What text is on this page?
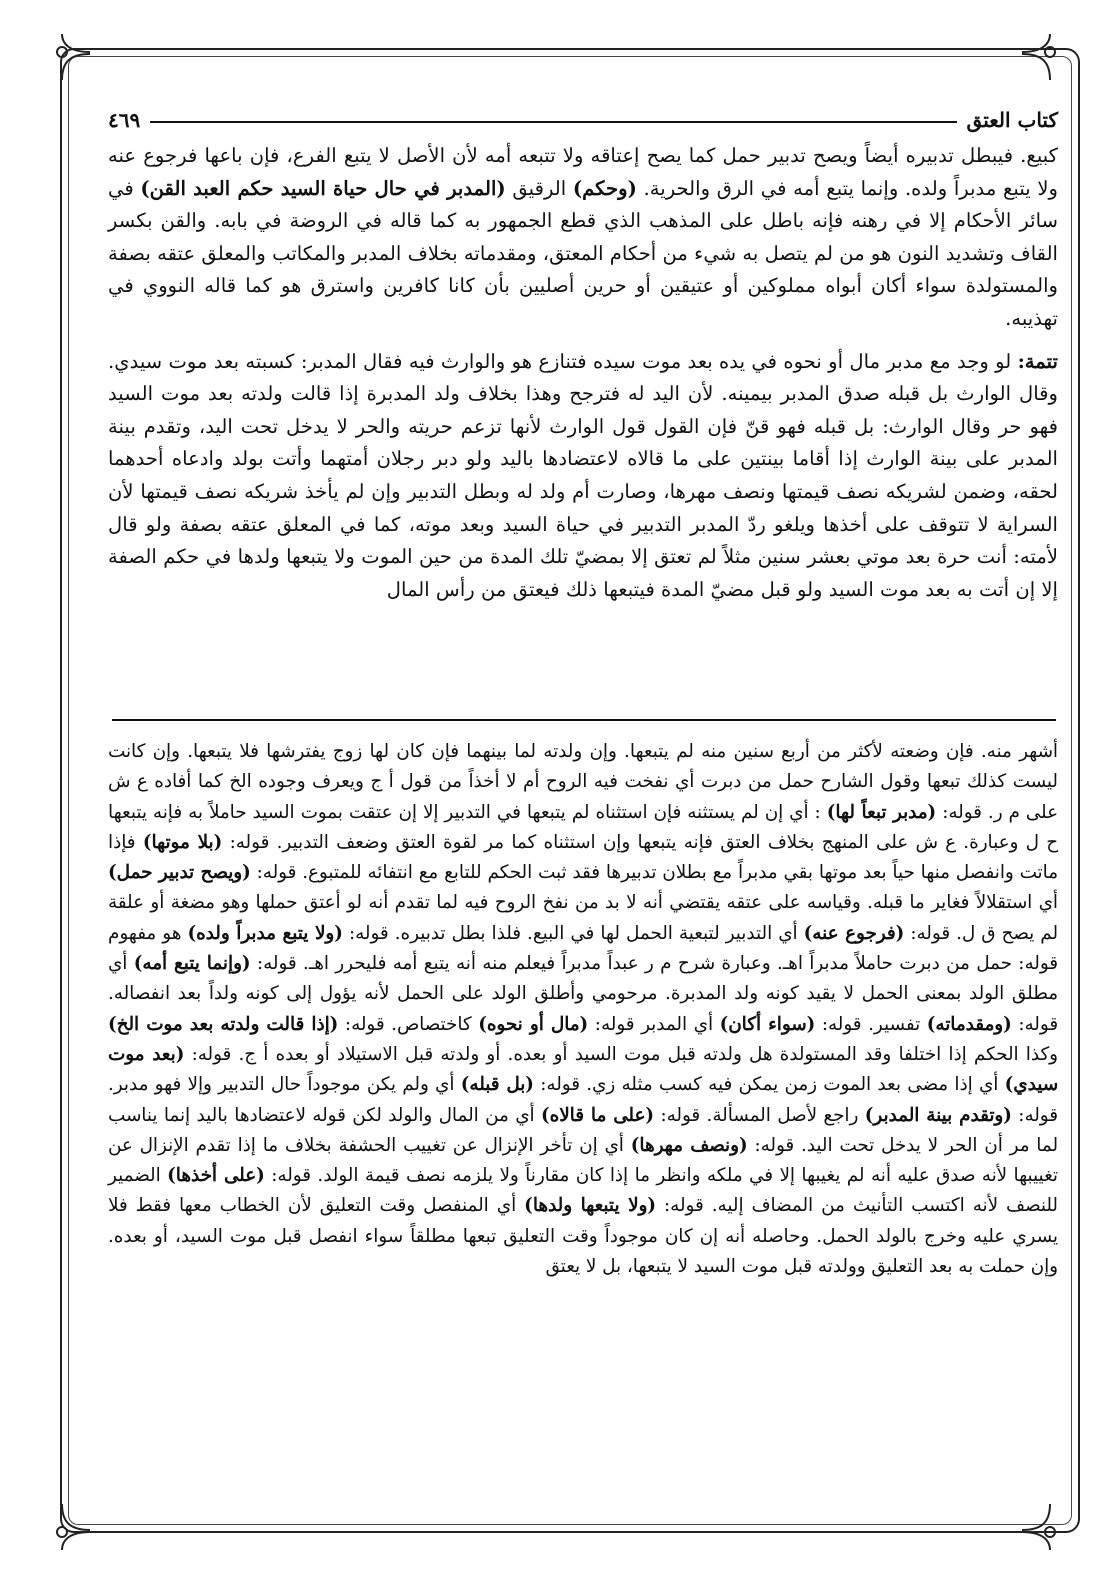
كتاب العتق
٤٦٩

كبيع. فيبطل تدبيره أيضاً ويصح تدبير حمل كما يصح إعتاقه ولا تتبعه أمه لأن الأصل لا يتبع الفرع، فإن باعها فرجوع عنه ولا يتبع مدبراً ولده. وإنما يتبع أمه في الرق والحرية. (وحكم) الرقيق (المدبر في حال حياة السيد حكم العبد القن) في سائر الأحكام إلا في رهنه فإنه باطل على المذهب الذي قطع الجمهور به كما قاله في الروضة في بابه. والقن بكسر القاف وتشديد النون هو من لم يتصل به شيء من أحكام المعتق، ومقدماته بخلاف المدبر والمكاتب والمعلق عتقه بصفة والمستولدة سواء أكان أبواه مملوكين أو عتيقين أو حرين أصليين بأن كانا كافرين واسترق هو كما قاله النووي في تهذيبه.

تتمة: لو وجد مع مدبر مال أو نحوه في يده بعد موت سيده فتنازع هو والوارث فيه فقال المدبر: كسبته بعد موت سيدي. وقال الوارث بل قبله صدق المدبر بيمينه. لأن اليد له فترجح وهذا بخلاف ولد المدبرة إذا قالت ولدته بعد موت السيد فهو حر وقال الوارث: بل قبله فهو قنّ فإن القول قول الوارث لأنها تزعم حريته والحر لا يدخل تحت اليد، وتقدم بينة المدبر على بينة الوارث إذا أقاما بينتين على ما قالاه لاعتضادها باليد ولو دبر رجلان أمتهما وأتت بولد وادعاه أحدهما لحقه، وضمن لشريكه نصف قيمتها ونصف مهرها، وصارت أم ولد له وبطل التدبير وإن لم يأخذ شريكه نصف قيمتها لأن السراية لا تتوقف على أخذها ويلغو ردّ المدبر التدبير في حياة السيد وبعد موته، كما في المعلق عتقه بصفة ولو قال لأمته: أنت حرة بعد موتي بعشر سنين مثلاً لم تعتق إلا بمضيّ تلك المدة من حين الموت ولا يتبعها ولدها في حكم الصفة إلا إن أتت به بعد موت السيد ولو قبل مضيّ المدة فيتبعها ذلك فيعتق من رأس المال

أشهر منه. فإن وضعته لأكثر من أربع سنين منه لم يتبعها. وإن ولدته لما بينهما فإن كان لها زوج يفترشها فلا يتبعها. وإن كانت ليست كذلك تبعها وقول الشارح حمل من دبرت أي نفخت فيه الروح أم لا أخذاً من قول أ ج ويعرف وجوده الخ كما أفاده ع ش على م ر. قوله: (مدبر تبعاً لها) : أي إن لم يستثنه فإن استثناه لم يتبعها في التدبير إلا إن عتقت بموت السيد حاملاً به فإنه يتبعها ح ل وعبارة. ع ش على المنهج بخلاف العتق فإنه يتبعها وإن استثناه كما مر لقوة العتق وضعف التدبير. قوله: (بلا موتها) فإذا ماتت وانفصل منها حياً بعد موتها بقي مدبراً مع بطلان تدبيرها فقد ثبت الحكم للتابع مع انتفائه للمتبوع. قوله: (ويصح تدبير حمل) أي استقلالاً فغاير ما قبله. وقياسه على عتقه يقتضي أنه لا بد من نفخ الروح فيه لما تقدم أنه لو أعتق حملها وهو مضغة أو علقة لم يصح ق ل. قوله: (فرجوع عنه) أي التدبير لتبعية الحمل لها في البيع. فلذا بطل تدبيره. قوله: (ولا يتبع مدبراً ولده) هو مفهوم قوله: حمل من دبرت حاملاً مدبراً اهـ. وعبارة شرح م ر عبداً مدبراً فيعلم منه أنه يتبع أمه فليحرر اهـ. قوله: (وإنما يتبع أمه) أي مطلق الولد بمعنى الحمل لا يقيد كونه ولد المدبرة. مرحومي وأطلق الولد على الحمل لأنه يؤول إلى كونه ولداً بعد انفصاله. قوله: (ومقدماته) تفسير. قوله: (سواء أكان) أي المدبر قوله: (مال أو نحوه) كاختصاص. قوله: (إذا قالت ولدته بعد موت الخ) وكذا الحكم إذا اختلفا وقد المستولدة هل ولدته قبل موت السيد أو بعده. أو ولدته قبل الاستيلاد أو بعده أ ج. قوله: (بعد موت سيدي) أي إذا مضى بعد الموت زمن يمكن فيه كسب مثله زي. قوله: (بل قبله) أي ولم يكن موجوداً حال التدبير وإلا فهو مدبر. قوله: (وتقدم بينة المدبر) راجع لأصل المسألة. قوله: (على ما قالاه) أي من المال والولد لكن قوله لاعتضادها باليد إنما يناسب لما مر أن الحر لا يدخل تحت اليد. قوله: (ونصف مهرها) أي إن تأخر الإنزال عن تغييب الحشفة بخلاف ما إذا تقدم الإنزال عن تغييبها لأنه صدق عليه أنه لم يغيبها إلا في ملكه وانظر ما إذا كان مقارناً ولا يلزمه نصف قيمة الولد. قوله: (على أخذها) الضمير للنصف لأنه اكتسب التأنيث من المضاف إليه. قوله: (ولا يتبعها ولدها) أي المنفصل وقت التعليق لأن الخطاب معها فقط فلا يسري عليه وخرج بالولد الحمل. وحاصله أنه إن كان موجوداً وقت التعليق تبعها مطلقاً سواء انفصل قبل موت السيد، أو بعده. وإن حملت به بعد التعليق وولدته قبل موت السيد لا يتبعها، بل لا يعتق
